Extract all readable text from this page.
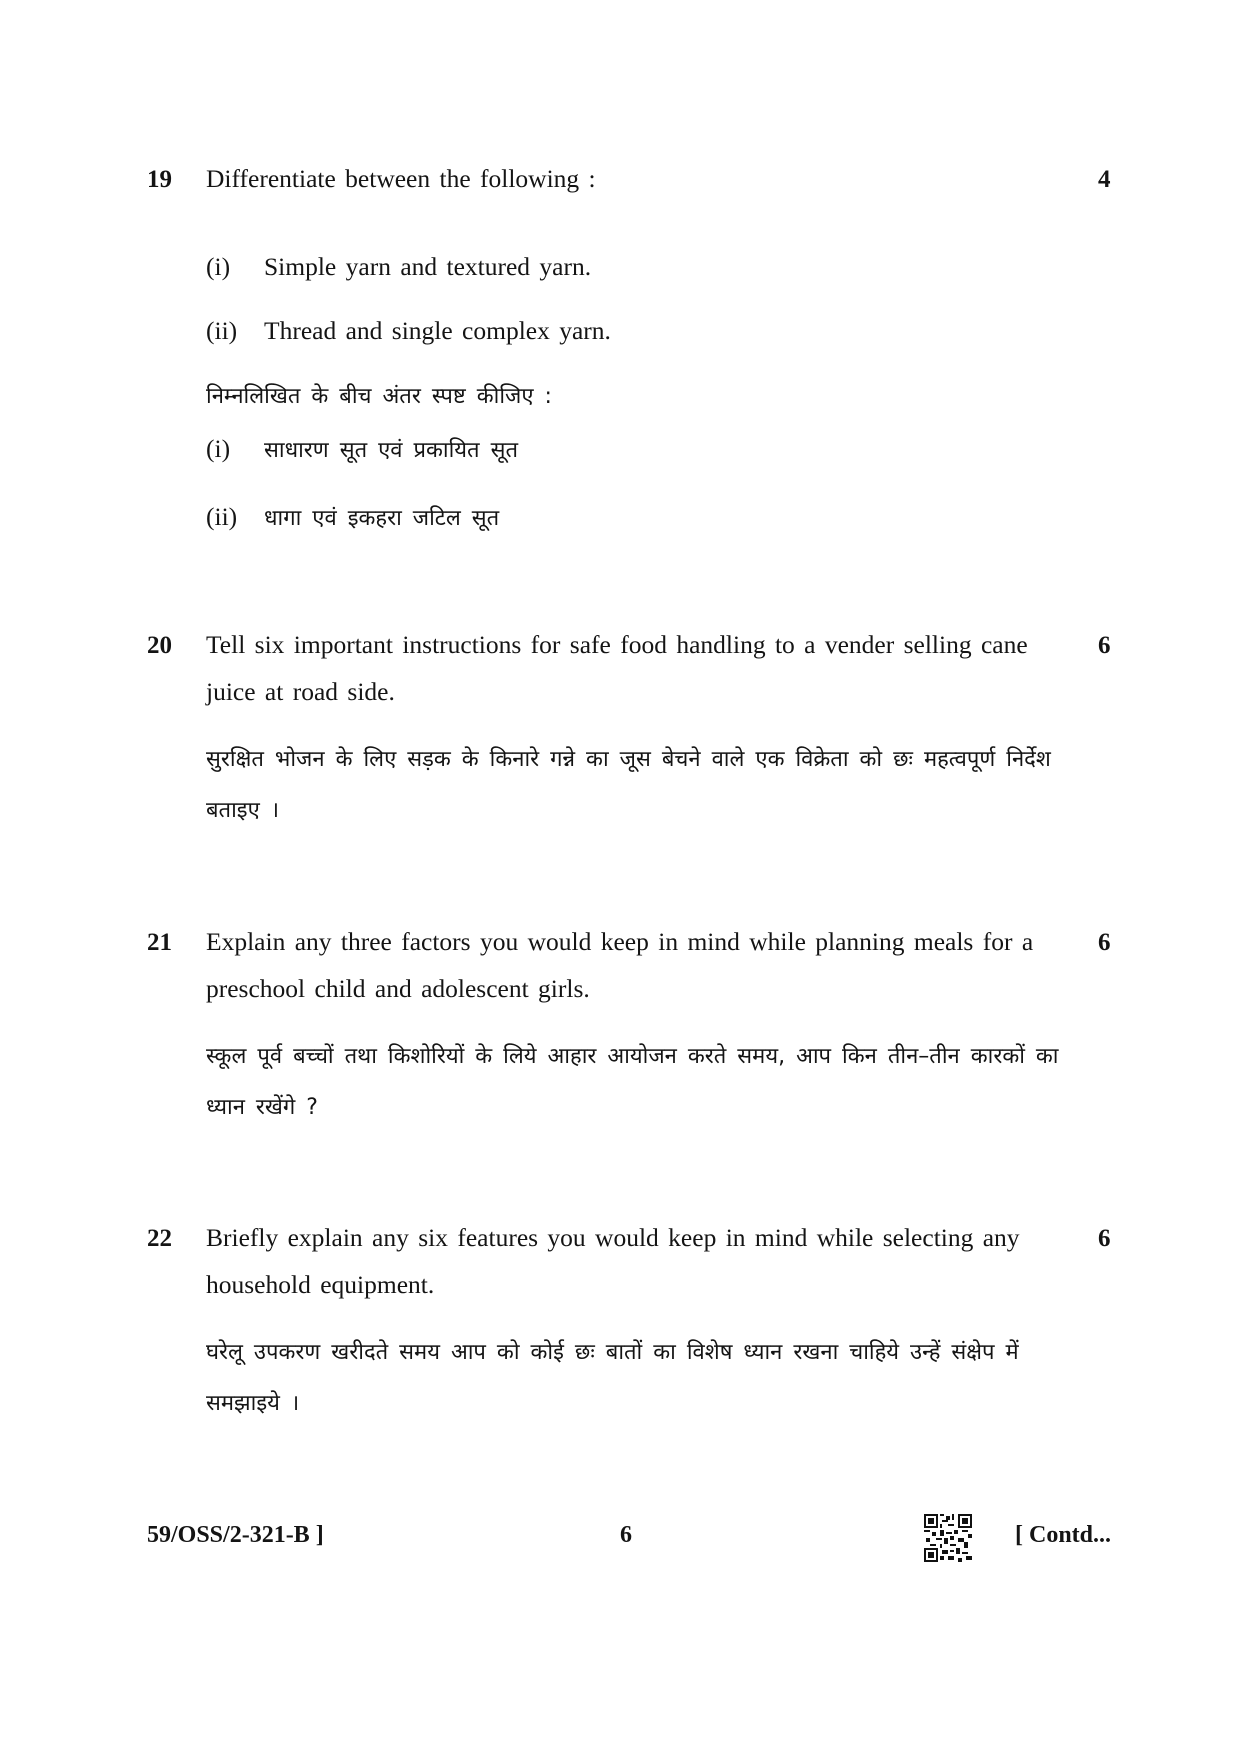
19	4
Differentiate between the following :
(i) Simple yarn and textured yarn.
(ii) Thread and single complex yarn.
निम्नलिखित के बीच अंतर स्पष्ट कीजिए :
(i) साधारण सूत एवं प्रकायित सूत
(ii) धागा एवं इकहरा जटिल सूत
20	6
Tell six important instructions for safe food handling to a vender selling cane juice at road side.
सुरक्षित भोजन के लिए सड़क के किनारे गन्ने का जूस बेचने वाले एक विक्रेता को छः महत्वपूर्ण निर्देश बताइए ।
21	6
Explain any three factors you would keep in mind while planning meals for a preschool child and adolescent girls.
स्कूल पूर्व बच्चों तथा किशोरियों के लिये आहार आयोजन करते समय, आप किन तीन–तीन कारकों का ध्यान रखेंगे ?
22	6
Briefly explain any six features you would keep in mind while selecting any household equipment.
घरेलू उपकरण खरीदते समय आप को कोई छः बातों का विशेष ध्यान रखना चाहिये उन्हें संक्षेप में समझाइये ।
59/OSS/2-321-B ]	6	[ Contd...
